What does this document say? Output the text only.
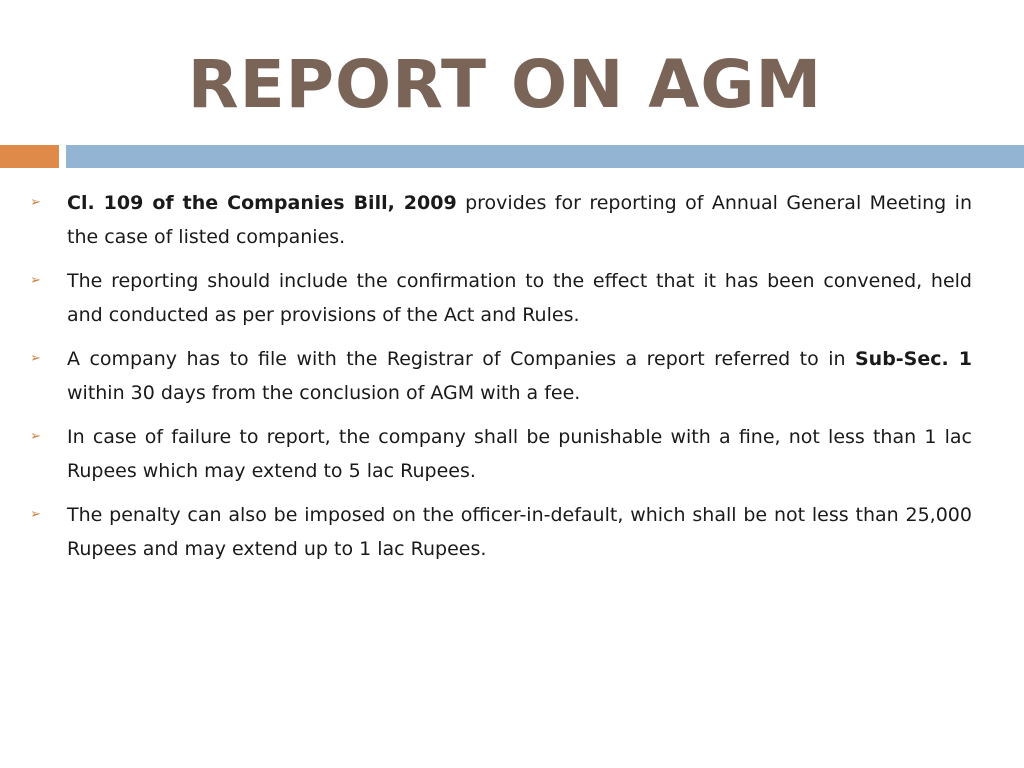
REPORT ON AGM
➢ Cl. 109 of the Companies Bill, 2009 provides for reporting of Annual General Meeting in the case of listed companies.
➢ The reporting should include the confirmation to the effect that it has been convened, held and conducted as per provisions of the Act and Rules.
➢ A company has to file with the Registrar of Companies a report referred to in Sub-Sec. 1 within 30 days from the conclusion of AGM with a fee.
➢ In case of failure to report, the company shall be punishable with a fine, not less than 1 lac Rupees which may extend to 5 lac Rupees.
➢ The penalty can also be imposed on the officer-in-default, which shall be not less than 25,000 Rupees and may extend up to 1 lac Rupees.
